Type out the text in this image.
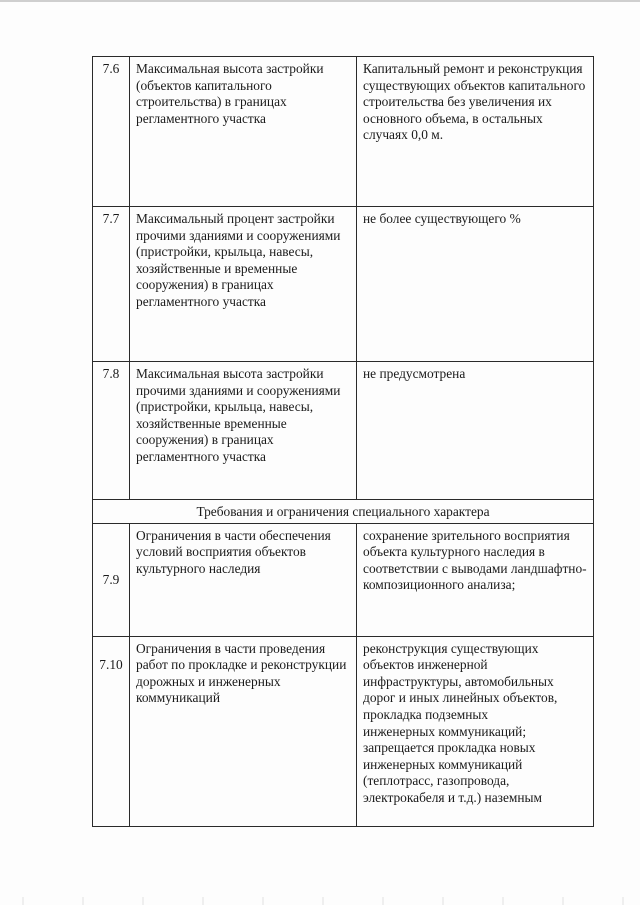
7.6	Максимальная высота застройки (объектов капитального строительства) в границах регламентного участка	Капитальный ремонт и реконструкция существующих объектов капитального строительства без увеличения их основного объема, в остальных случаях 0,0 м.
7.7	Максимальный процент застройки прочими зданиями и сооружениями (пристройки, крыльца, навесы, хозяйственные и временные сооружения) в границах регламентного участка	не более существующего %
7.8	Максимальная высота застройки прочими зданиями и сооружениями (пристройки, крыльца, навесы, хозяйственные временные сооружения) в границах регламентного участка	не предусмотрена
Требования и ограничения специального характера		
7.9	Ограничения в части обеспечения условий восприятия объектов культурного наследия	сохранение зрительного восприятия объекта культурного наследия в соответствии с выводами ландшафтно-композиционного анализа;
7.10	Ограничения в части проведения работ по прокладке и реконструкции дорожных и инженерных коммуникаций	реконструкция существующих объектов инженерной инфраструктуры, автомобильных дорог и иных линейных объектов, прокладка подземных
инженерных коммуникаций;
запрещается прокладка новых инженерных коммуникаций (теплотрасс, газопровода, электрокабеля и т.д.) наземным
